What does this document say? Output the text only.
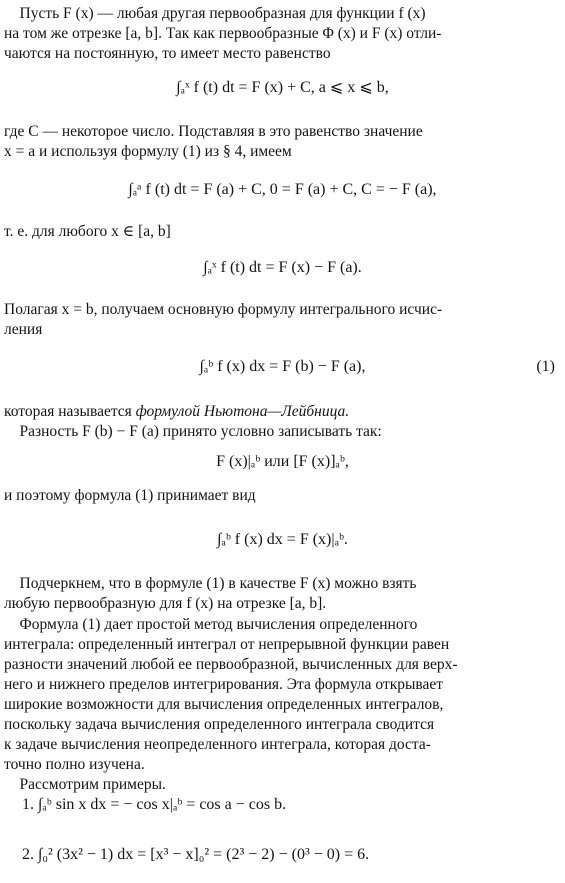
Пусть F (x) — любая другая первообразная для функции f (x)
на том же отрезке [a, b]. Так как первообразные Φ (x) и F (x) отли-
чаются на постоянную, то имеет место равенство

∫ₐˣ f (t) dt = F (x) + C, a ⩽ x ⩽ b,

где C — некоторое число. Подставляя в это равенство значение
x = a и используя формулу (1) из § 4, имеем

∫ₐᵃ f (t) dt = F (a) + C, 0 = F (a) + C, C = − F (a),

т. е. для любого x ∈ [a, b]

∫ₐˣ f (t) dt = F (x) − F (a).

Полагая x = b, получаем основную формулу интегрального исчис-
ления

∫ₐᵇ f (x) dx = F (b) − F (a),	(1)

которая называется формулой Ньютона—Лейбница.
Разность F (b) − F (a) принято условно записывать так:

F (x)|ₐᵇ или [F (x)]ₐᵇ,

и поэтому формула (1) принимает вид

∫ₐᵇ f (x) dx = F (x)|ₐᵇ.

Подчеркнем, что в формуле (1) в качестве F (x) можно взять
любую первообразную для f (x) на отрезке [a, b].

Формула (1) дает простой метод вычисления определенного
интеграла: определенный интеграл от непрерывной функции равен
разности значений любой ее первообразной, вычисленных для верх-
него и нижнего пределов интегрирования. Эта формула открывает
широкие возможности для вычисления определенных интегралов,
поскольку задача вычисления определенного интеграла сводится
к задаче вычисления неопределенного интеграла, которая доста-
точно полно изучена.
Рассмотрим примеры.

1. ∫ₐᵇ sin x dx = − cos x|ₐᵇ = cos a − cos b.
2. ∫₀² (3x² − 1) dx = [x³ − x]₀² = (2³ − 2) − (0³ − 0) = 6.
